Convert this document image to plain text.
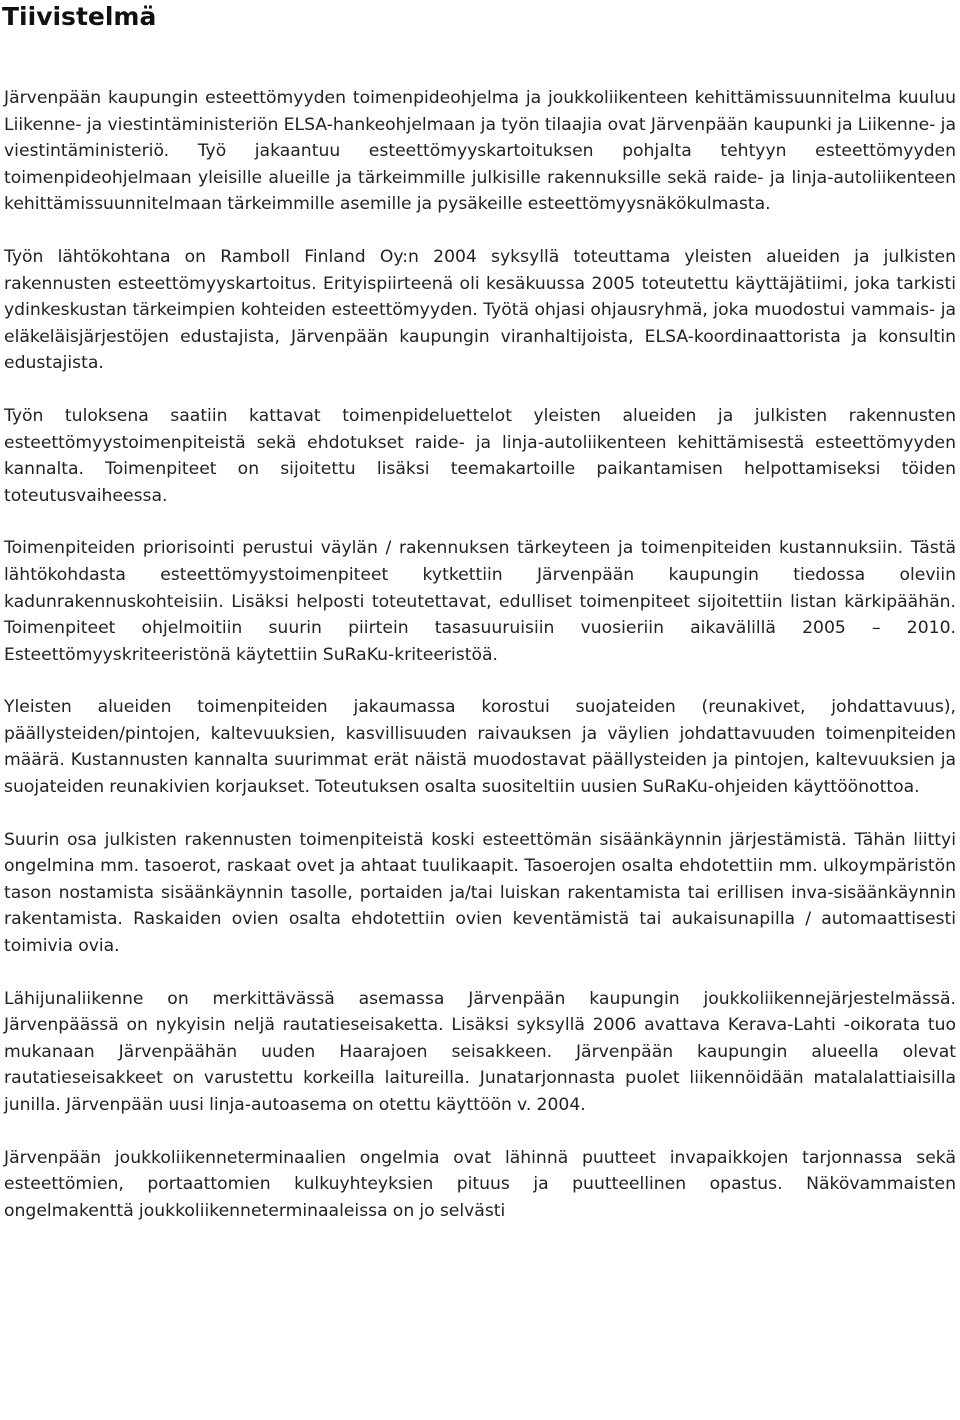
Tiivistelmä

Järvenpään kaupungin esteettömyyden toimenpideohjelma ja joukkoliikenteen kehittämissuunnitelma kuuluu Liikenne- ja viestintäministeriön ELSA-hankeohjelmaan ja työn tilaajia ovat Järvenpään kaupunki ja Liikenne- ja viestintäministeriö. Työ jakaantuu esteettömyyskartoituksen pohjalta tehtyyn esteettömyyden toimenpideohjelmaan yleisille alueille ja tärkeimmille julkisille rakennuksille sekä raide- ja linja-autoliikenteen kehittämissuunnitelmaan tärkeimmille asemille ja pysäkeille esteettömyysnäkökulmasta.

Työn lähtökohtana on Ramboll Finland Oy:n 2004 syksyllä toteuttama yleisten alueiden ja julkisten rakennusten esteettömyyskartoitus. Erityispiirteenä oli kesäkuussa 2005 toteutettu käyttäjätiimi, joka tarkisti ydinkeskustan tärkeimpien kohteiden esteettömyyden. Työtä ohjasi ohjausryhmä, joka muodostui vammais- ja eläkeläisjärjestöjen edustajista, Järvenpään kaupungin viranhaltijoista, ELSA-koordinaattorista ja konsultin edustajista.

Työn tuloksena saatiin kattavat toimenpideluettelot yleisten alueiden ja julkisten rakennusten esteettömyystoimenpiteistä sekä ehdotukset raide- ja linja-autoliikenteen kehittämisestä esteettömyyden kannalta. Toimenpiteet on sijoitettu lisäksi teemakartoille paikantamisen helpottamiseksi töiden toteutusvaiheessa.

Toimenpiteiden priorisointi perustui väylän / rakennuksen tärkeyteen ja toimenpiteiden kustannuksiin. Tästä lähtökohdasta esteettömyystoimenpiteet kytkettiin Järvenpään kaupungin tiedossa oleviin kadunrakennuskohteisiin. Lisäksi helposti toteutettavat, edulliset toimenpiteet sijoitettiin listan kärkipäähän. Toimenpiteet ohjelmoitiin suurin piirtein tasasuuruisiin vuosieriin aikavälillä 2005 – 2010. Esteettömyyskriteeristönä käytettiin SuRaKu-kriteeristöä.

Yleisten alueiden toimenpiteiden jakaumassa korostui suojateiden (reunakivet, johdattavuus), päällysteiden/pintojen, kaltevuuksien, kasvillisuuden raivauksen ja väylien johdattavuuden toimenpiteiden määrä. Kustannusten kannalta suurimmat erät näistä muodostavat päällysteiden ja pintojen, kaltevuuksien ja suojateiden reunakivien korjaukset. Toteutuksen osalta suositeltiin uusien SuRaKu-ohjeiden käyttöönottoa.

Suurin osa julkisten rakennusten toimenpiteistä koski esteettömän sisäänkäynnin järjestämistä. Tähän liittyi ongelmina mm. tasoerot, raskaat ovet ja ahtaat tuulikaapit. Tasoerojen osalta ehdotettiin mm. ulkoympäristön tason nostamista sisäänkäynnin tasolle, portaiden ja/tai luiskan rakentamista tai erillisen inva-sisäänkäynnin rakentamista. Raskaiden ovien osalta ehdotettiin ovien keventämistä tai aukaisunapilla / automaattisesti toimivia ovia.

Lähijunaliikenne on merkittävässä asemassa Järvenpään kaupungin joukkoliikennejärjestelmässä. Järvenpäässä on nykyisin neljä rautatieseisaketta. Lisäksi syksyllä 2006 avattava Kerava-Lahti -oikorata tuo mukanaan Järvenpäähän uuden Haarajoen seisakkeen. Järvenpään kaupungin alueella olevat rautatieseisakkeet on varustettu korkeilla laitureilla. Junatarjonnasta puolet liikennöidään matalalattiaisilla junilla. Järvenpään uusi linja-autoasema on otettu käyttöön v. 2004.

Järvenpään joukkoliikenneterminaalien ongelmia ovat lähinnä puutteet invapaikkojen tarjonnassa sekä esteettömien, portaattomien kulkuyhteyksien pituus ja puutteellinen opastus. Näkövammaisten ongelmakenttä joukkoliikenneterminaaleissa on jo selvästi
